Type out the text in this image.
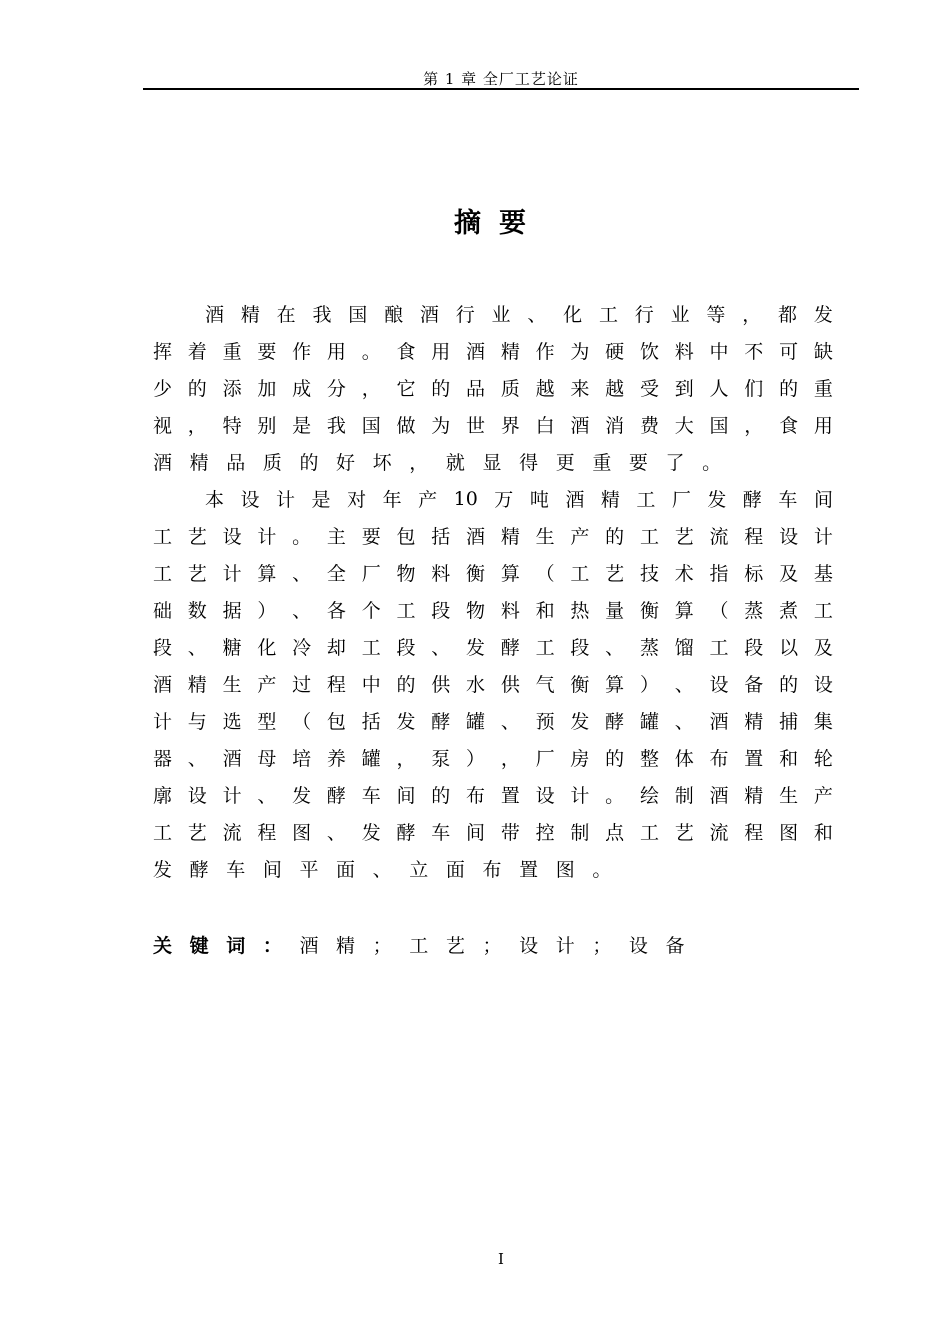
第 1 章 全厂工艺论证
摘要
酒 精 在 我 国 酿 酒 行 业 、 化 工 行 业 等 ， 都 发
挥 着 重 要 作 用 。 食 用 酒 精 作 为 硬 饮 料 中 不 可 缺
少 的 添 加 成 分 ， 它 的 品 质 越 来 越 受 到 人 们 的 重
视 ， 特 别 是 我 国 做 为 世 界 白 酒 消 费 大 国 ， 食 用
酒 精 品 质 的 好 坏 ， 就 显 得 更 重 要 了 。
本 设 计 是 对 年 产 10 万 吨 酒 精 工 厂 发 酵 车 间
工 艺 设 计 。 主 要 包 括 酒 精 生 产 的 工 艺 流 程 设 计
工 艺 计 算 、 全 厂 物 料 衡 算 （ 工 艺 技 术 指 标 及 基
础 数 据 ） 、 各 个 工 段 物 料 和 热 量 衡 算 （ 蒸 煮 工
段 、 糖 化 冷 却 工 段 、 发 酵 工 段 、 蒸 馏 工 段 以 及
酒 精 生 产 过 程 中 的 供 水 供 气 衡 算 ） 、 设 备 的 设
计 与 选 型 （ 包 括 发 酵 罐 、 预 发 酵 罐 、 酒 精 捕 集
器 、 酒 母 培 养 罐 ， 泵 ） ， 厂 房 的 整 体 布 置 和 轮
廓 设 计 、 发 酵 车 间 的 布 置 设 计 。 绘 制 酒 精 生 产
工 艺 流 程 图 、 发 酵 车 间 带 控 制 点 工 艺 流 程 图 和
发 酵 车 间 平 面 、 立 面 布 置 图 。
关 键 词 ： 酒 精 ； 工 艺 ； 设 计 ； 设 备
I
